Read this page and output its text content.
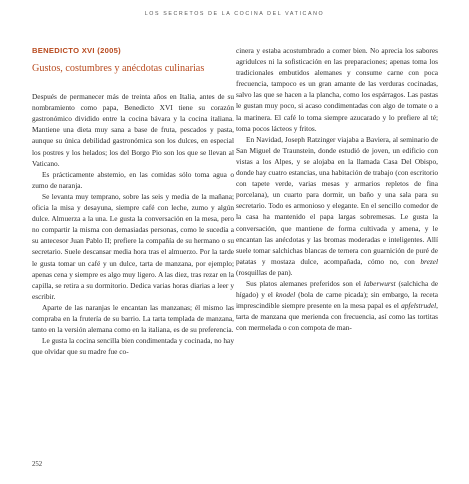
LOS SECRETOS DE LA COCINA DEL VATICANO
BENEDICTO XVI (2005)
Gustos, costumbres y anécdotas culinarias

Después de permanecer más de treinta años en Italia, antes de su nombramiento como papa, Benedicto XVI tiene su corazón gastronómico dividido entre la cocina bávara y la cocina italiana. Mantiene una dieta muy sana a base de fruta, pescados y pasta, aunque su única debilidad gastronómica son los dulces, en especial los postres y los helados; los del Borgo Pio son los que se llevan al Vaticano.

Es prácticamente abstemio, en las comidas sólo toma agua o zumo de naranja.

Se levanta muy temprano, sobre las seis y media de la mañana; oficia la misa y desayuna, siempre café con leche, zumo y algún dulce. Almuerza a la una. Le gusta la conversación en la mesa, pero no compartir la misma con demasiadas personas, como le sucedía a su antecesor Juan Pablo II; prefiere la compañía de su hermano o su secretario. Suele descansar media hora tras el almuerzo. Por la tarde le gusta tomar un café y un dulce, tarta de manzana, por ejemplo; apenas cena y siempre es algo muy ligero. A las diez, tras rezar en la capilla, se retira a su dormitorio. Dedica varias horas diarias a leer y escribir.

Aparte de las naranjas le encantan las manzanas; él mismo las compraba en la frutería de su barrio. La tarta templada de manzana, tanto en la versión alemana como en la italiana, es de su preferencia.

Le gusta la cocina sencilla bien condimentada y cocinada, no hay que olvidar que su madre fue co-

cinera y estaba acostumbrado a comer bien. No aprecia los sabores agridulces ni la sofisticación en las preparaciones; apenas toma los tradicionales embutidos alemanes y consume carne con poca frecuencia, tampoco es un gran amante de las verduras cocinadas, salvo las que se hacen a la plancha, como los espárragos. Las pastas le gustan muy poco, si acaso condimentadas con algo de tomate o a la marinera. El café lo toma siempre azucarado y lo prefiere al té; toma pocos lácteos y fritos.

En Navidad, Joseph Ratzinger viajaba a Baviera, al seminario de San Miguel de Traunstein, donde estudió de joven, un edificio con vistas a los Alpes, y se alojaba en la llamada Casa Del Obispo, donde hay cuatro estancias, una habitación de trabajo (con escritorio con tapete verde, varias mesas y armarios repletos de fina porcelana), un cuarto para dormir, un baño y una sala para su secretario. Todo es armonioso y elegante. En el sencillo comedor de la casa ha mantenido el papa largas sobremesas. Le gusta la conversación, que mantiene de forma cultivada y amena, y le encantan las anécdotas y las bromas moderadas e inteligentes. Allí suele tomar salchichas blancas de ternera con guarnición de puré de patatas y mostaza dulce, acompañada, cómo no, con brezel (rosquillas de pan).

Sus platos alemanes preferidos son el laberwurst (salchicha de hígado) y el knodel (bola de carne picada); sin embargo, la receta imprescindible siempre presente en la mesa papal es el apfelstrudel, tarta de manzana que merienda con frecuencia, así como las tortitas con mermelada o con compota de man-

252
